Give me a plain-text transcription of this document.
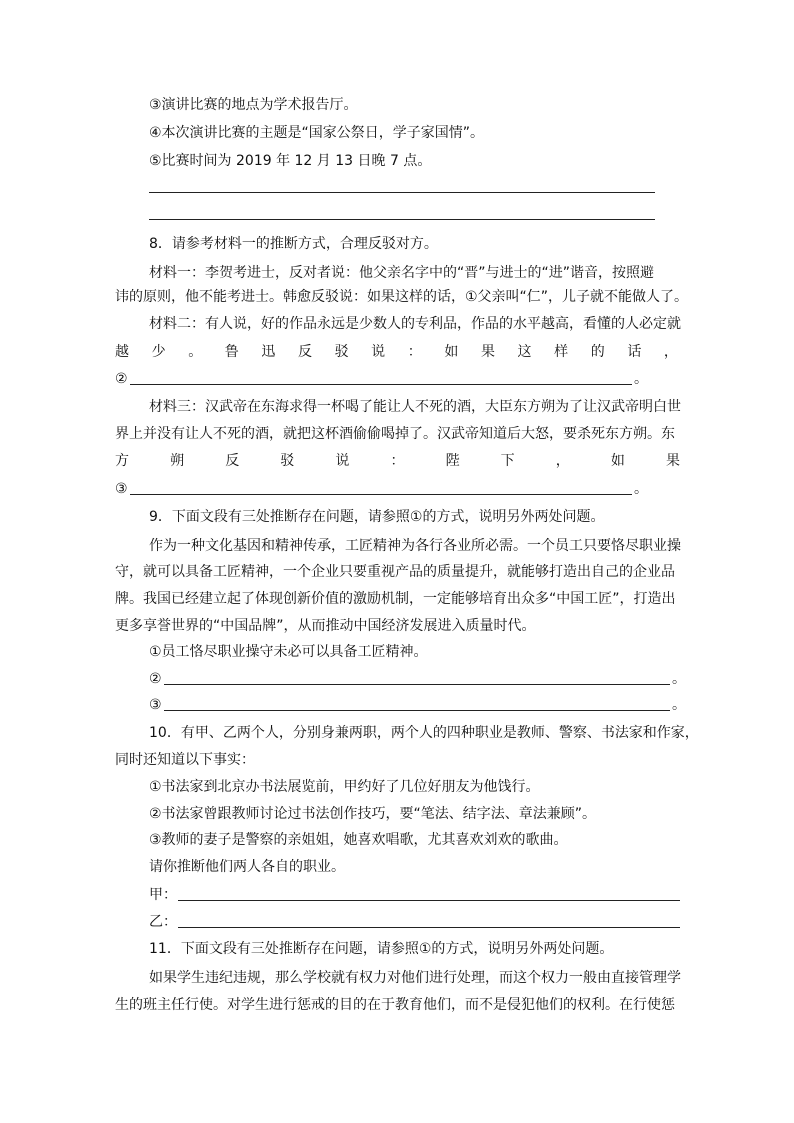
③演讲比赛的地点为学术报告厅。
④本次演讲比赛的主题是“国家公祭日，学子家国情”。
⑤比赛时间为 2019 年 12 月 13 日晚 7 点。
8．请参考材料一的推断方式，合理反驳对方。
材料一：李贺考进士，反对者说：他父亲名字中的“晋”与进士的“进”谐音，按照避
讳的原则，他不能考进士。韩愈反驳说：如果这样的话，①父亲叫“仁”，儿子就不能做人了。
材料二：有人说，好的作品永远是少数人的专利品，作品的水平越高，看懂的人必定就
越 少 。 鲁 迅 反 驳 说 ： 如 果 这 样 的 话 ，
②	。
材料三：汉武帝在东海求得一杯喝了能让人不死的酒，大臣东方朔为了让汉武帝明白世
界上并没有让人不死的酒，就把这杯酒偷偷喝掉了。汉武帝知道后大怒，要杀死东方朔。东
方	朔	反	驳	说	：	陛	下	，	如	果
③	。
9．下面文段有三处推断存在问题，请参照①的方式，说明另外两处问题。
作为一种文化基因和精神传承，工匠精神为各行各业所必需。一个员工只要恪尽职业操
守，就可以具备工匠精神，一个企业只要重视产品的质量提升，就能够打造出自己的企业品
牌。我国已经建立起了体现创新价值的激励机制，一定能够培育出众多“中国工匠”，打造出
更多享誉世界的“中国品牌”，从而推动中国经济发展进入质量时代。
①员工恪尽职业操守未必可以具备工匠精神。
②	。
③	。
10．有甲、乙两个人，分别身兼两职，两个人的四种职业是教师、警察、书法家和作家，
同时还知道以下事实：
①书法家到北京办书法展览前，甲约好了几位好朋友为他饯行。
②书法家曾跟教师讨论过书法创作技巧，要“笔法、结字法、章法兼顾”。
③教师的妻子是警察的亲姐姐，她喜欢唱歌，尤其喜欢刘欢的歌曲。
请你推断他们两人各自的职业。
甲：
乙：
11．下面文段有三处推断存在问题，请参照①的方式，说明另外两处问题。
如果学生违纪违规，那么学校就有权力对他们进行处理，而这个权力一般由直接管理学
生的班主任行使。对学生进行惩戒的目的在于教育他们，而不是侵犯他们的权利。在行使惩
